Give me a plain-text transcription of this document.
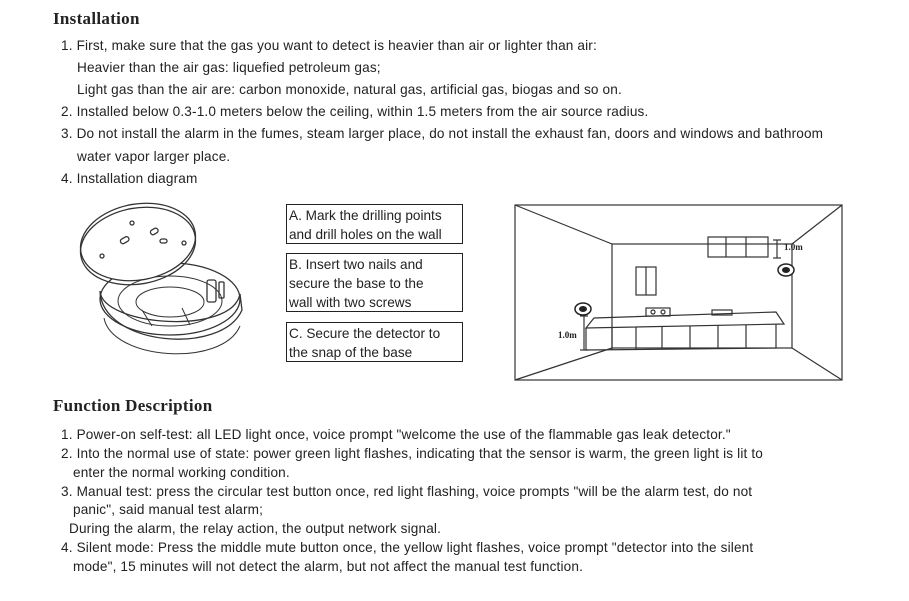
Installation

1. First, make sure that the gas you want to detect is heavier than air or lighter than air:

Heavier than the air gas: liquefied petroleum gas;

Light gas than the air are: carbon monoxide, natural gas, artificial gas, biogas and so on.

2. Installed below 0.3-1.0 meters below the ceiling, within 1.5 meters from the air source radius.

3. Do not install the alarm in the fumes, steam larger place, do not install the exhaust fan, doors and windows and bathroom

water vapor larger place.

4. Installation diagram

A. Mark the drilling points
and drill holes on the wall
B. Insert two nails and
secure the base to the
wall with two screws
C. Secure the detector to
the snap of the base
1.0m
1.0m
Function Description

1. Power-on self-test: all LED light once, voice prompt "welcome the use of the flammable gas leak detector."

2. Into the normal use of state: power green light flashes, indicating that the sensor is warm, the green light is lit to

enter the normal working condition.

3. Manual test: press the circular test button once, red light flashing, voice prompts "will be the alarm test, do not

panic", said manual test alarm;

During the alarm, the relay action, the output network signal.

4. Silent mode: Press the middle mute button once, the yellow light flashes, voice prompt "detector into the silent

mode", 15 minutes will not detect the alarm, but not affect the manual test function.
